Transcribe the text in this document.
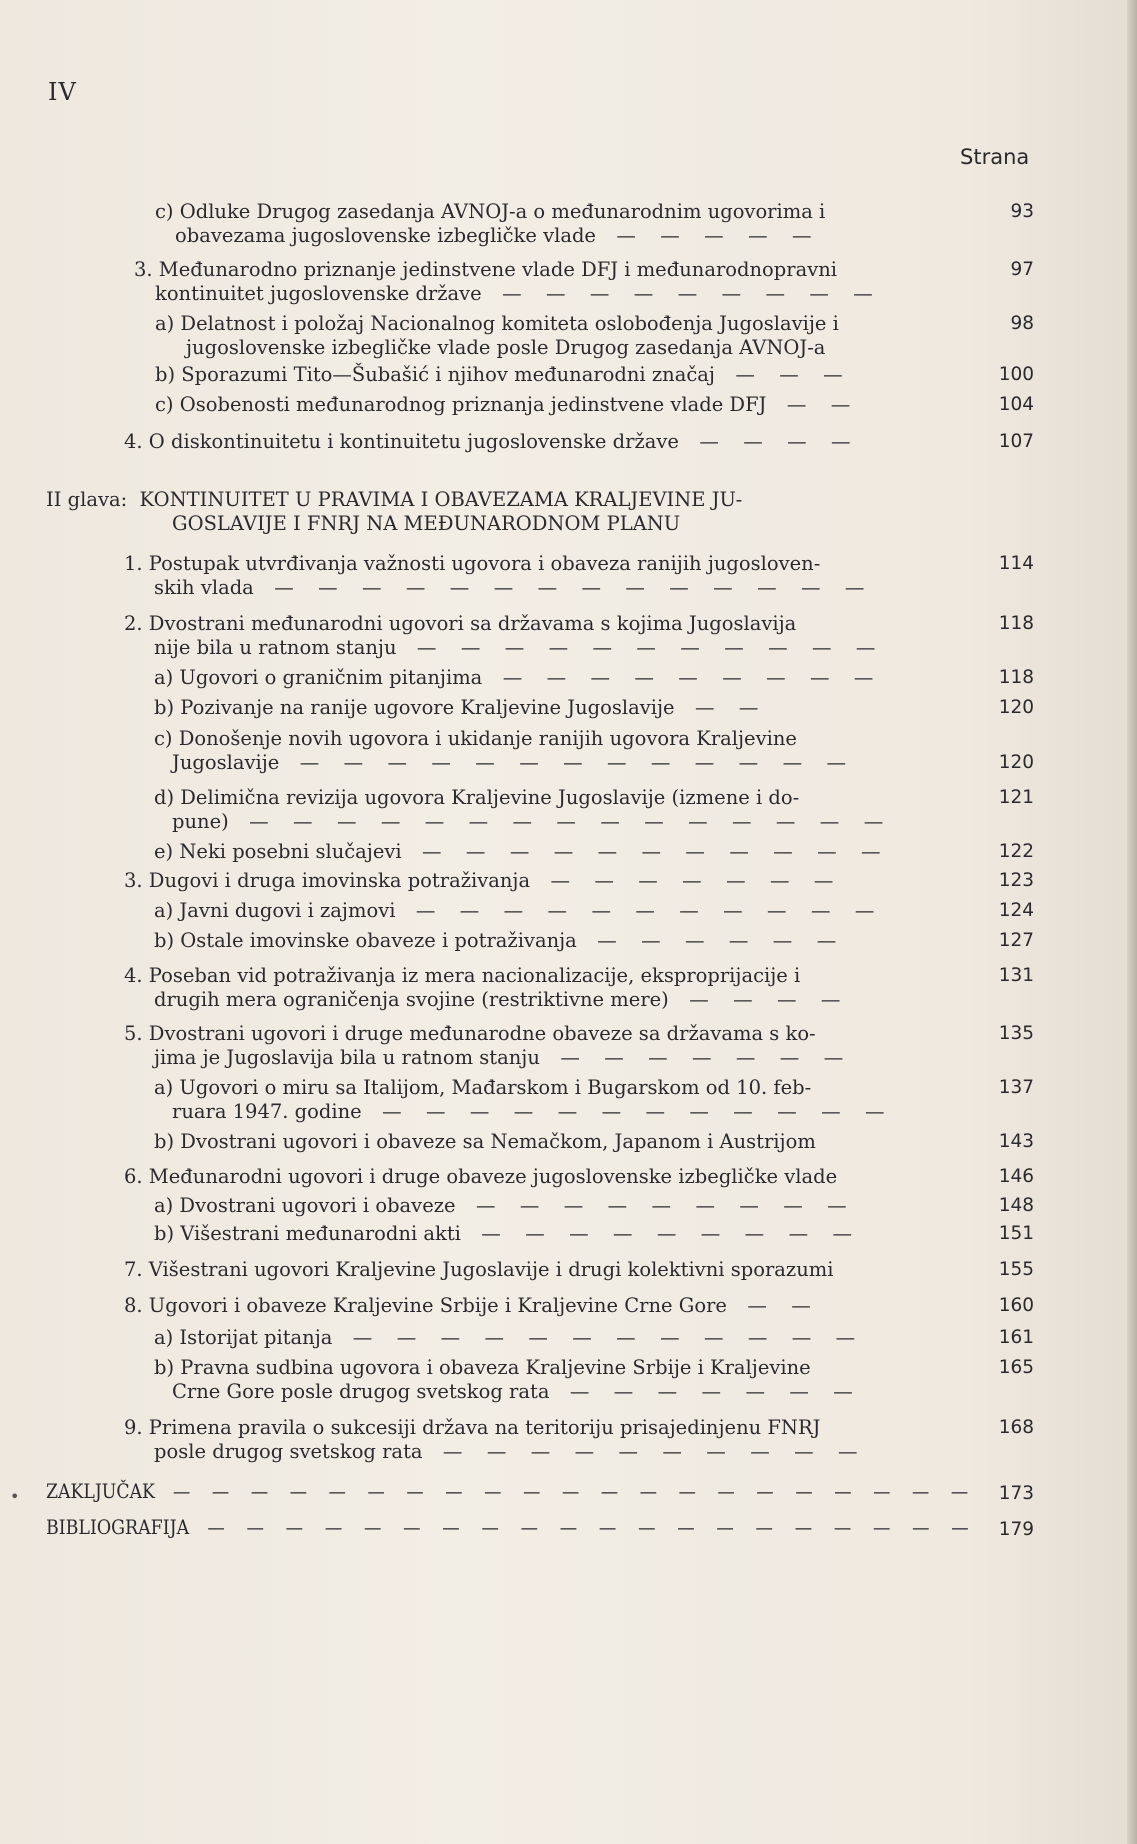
IV
Strana
c) Odluke Drugog zasedanja AVNOJ-a o međunarodnim ugovorima i
obavezama jugoslovenske izbegličke vlade —  —  —  —  —
93
3. Međunarodno priznanje jedinstvene vlade DFJ i međunarodnopravni
kontinuitet jugoslovenske države —  —  —  —  —  —  —  —  —
97
a) Delatnost i položaj Nacionalnog komiteta oslobođenja Jugoslavije i
jugoslovenske izbegličke vlade posle Drugog zasedanja AVNOJ-a
98
b) Sporazumi Tito—Šubašić i njihov međunarodni značaj —  —  —	100
c) Osobenosti međunarodnog priznanja jedinstvene vlade DFJ —  —	104
4. O diskontinuitetu i kontinuitetu jugoslovenske države —  —  —  —	107
II glava:  KONTINUITET U PRAVIMA I OBAVEZAMA KRALJEVINE JU-
GOSLAVIJE I FNRJ NA MEĐUNARODNOM PLANU
1. Postupak utvrđivanja važnosti ugovora i obaveza ranijih jugosloven-
skih vlada —  —  —  —  —  —  —  —  —  —  —  —  —  —
114
2. Dvostrani međunarodni ugovori sa državama s kojima Jugoslavija
nije bila u ratnom stanju —  —  —  —  —  —  —  —  —  —  —
118
a) Ugovori o graničnim pitanjima —  —  —  —  —  —  —  —  —	118
b) Pozivanje na ranije ugovore Kraljevine Jugoslavije —  —	120
c) Donošenje novih ugovora i ukidanje ranijih ugovora Kraljevine
Jugoslavije —  —  —  —  —  —  —  —  —  —  —  —  —	120
d) Delimična revizija ugovora Kraljevine Jugoslavije (izmene i do-
pune) —  —  —  —  —  —  —  —  —  —  —  —  —  —  —
121
e) Neki posebni slučajevi —  —  —  —  —  —  —  —  —  —  —	122
3. Dugovi i druga imovinska potraživanja —  —  —  —  —  —  —	123
a) Javni dugovi i zajmovi —  —  —  —  —  —  —  —  —  —  —	124
b) Ostale imovinske obaveze i potraživanja —  —  —  —  —  —	127
4. Poseban vid potraživanja iz mera nacionalizacije, eksproprijacije i
drugih mera ograničenja svojine (restriktivne mere) —  —  —  —
131
5. Dvostrani ugovori i druge međunarodne obaveze sa državama s ko-
jima je Jugoslavija bila u ratnom stanju —  —  —  —  —  —  —
135
a) Ugovori o miru sa Italijom, Mađarskom i Bugarskom od 10. feb-
ruara 1947. godine —  —  —  —  —  —  —  —  —  —  —  —
137
b) Dvostrani ugovori i obaveze sa Nemačkom, Japanom i Austrijom	143
6. Međunarodni ugovori i druge obaveze jugoslovenske izbegličke vlade	146
a) Dvostrani ugovori i obaveze —  —  —  —  —  —  —  —  —	148
b) Višestrani međunarodni akti —  —  —  —  —  —  —  —  —	151
7. Višestrani ugovori Kraljevine Jugoslavije i drugi kolektivni sporazumi	155
8. Ugovori i obaveze Kraljevine Srbije i Kraljevine Crne Gore —  —	160
a) Istorijat pitanja —  —  —  —  —  —  —  —  —  —  —  —	161
b) Pravna sudbina ugovora i obaveza Kraljevine Srbije i Kraljevine
Crne Gore posle drugog svetskog rata —  —  —  —  —  —  —
165
9. Primena pravila o sukcesiji država na teritoriju prisajedinjenu FNRJ
posle drugog svetskog rata —  —  —  —  —  —  —  —  —  —
168
ZAKLJUČAK —  —  —  —  —  —  —  —  —  —  —  —  —  —  —  —  —  —  —  —  —	173
BIBLIOGRAFIJA —  —  —  —  —  —  —  —  —  —  —  —  —  —  —  —  —  —  —  —	179
•
